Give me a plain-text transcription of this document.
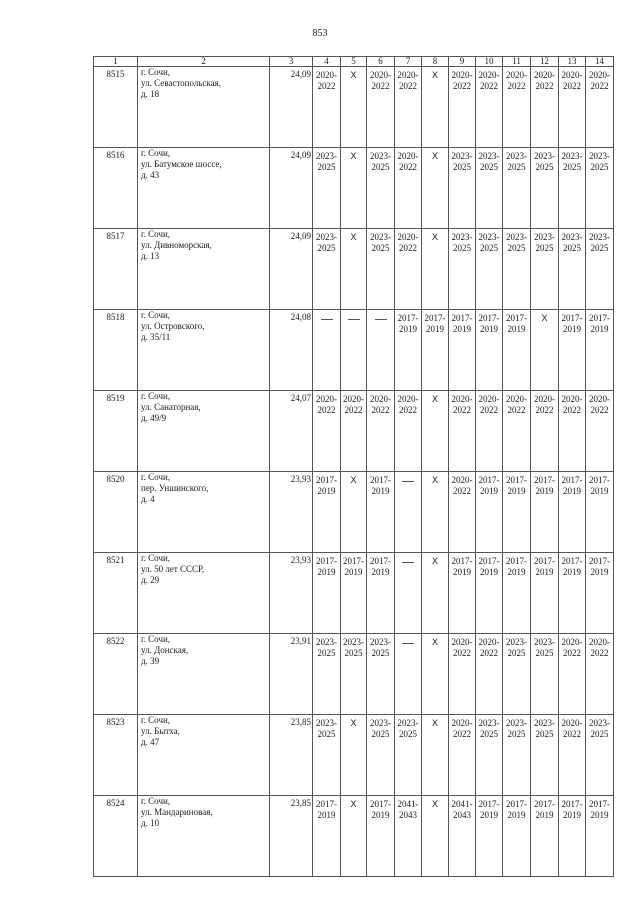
853
1	2	3	4	5	6	7	8	9	10	11	12	13	14
8515	г. Сочи,
ул. Севастопольская,
д. 18	24,09	2020-
2022	X	2020-
2022	2020-
2022	X	2020-
2022	2020-
2022	2020-
2022	2020-
2022	2020-
2022	2020-
2022

8516	г. Сочи,
ул. Батумское шоссе,
д. 43	24,09	2023-
2025	X	2023-
2025	2020-
2022	X	2023-
2025	2023-
2025	2023-
2025	2023-
2025	2023-
2025	2023-
2025

8517	г. Сочи,
ул. Дивноморская,
д. 13	24,09	2023-
2025	X	2023-
2025	2020-
2022	X	2023-
2025	2023-
2025	2023-
2025	2023-
2025	2023-
2025	2023-
2025

8518	г. Сочи,
ул. Островского,
д. 35/11	24,08				2017-
2019	2017-
2019	2017-
2019	2017-
2019	2017-
2019	X	2017-
2019	2017-
2019

8519	г. Сочи,
ул. Санаторная,
д. 49/9	24,07	2020-
2022	2020-
2022	2020-
2022	2020-
2022	X	2020-
2022	2020-
2022	2020-
2022	2020-
2022	2020-
2022	2020-
2022

8520	г. Сочи,
пер. Уншинского,
д. 4	23,93	2017-
2019	X	2017-
2019		X	2020-
2022	2017-
2019	2017-
2019	2017-
2019	2017-
2019	2017-
2019

8521	г. Сочи,
ул. 50 лет СССР,
д. 29	23,93	2017-
2019	2017-
2019	2017-
2019		X	2017-
2019	2017-
2019	2017-
2019	2017-
2019	2017-
2019	2017-
2019

8522	г. Сочи,
ул. Донская,
д. 39	23,91	2023-
2025	2023-
2025	2023-
2025		X	2020-
2022	2020-
2022	2023-
2025	2023-
2025	2020-
2022	2020-
2022

8523	г. Сочи,
ул. Бытха,
д. 47	23,85	2023-
2025	X	2023-
2025	2023-
2025	X	2020-
2022	2023-
2025	2023-
2025	2023-
2025	2020-
2022	2023-
2025

8524	г. Сочи,
ул. Мандариновая,
д. 10	23,85	2017-
2019	X	2017-
2019	2041-
2043	X	2041-
2043	2017-
2019	2017-
2019	2017-
2019	2017-
2019	2017-
2019
